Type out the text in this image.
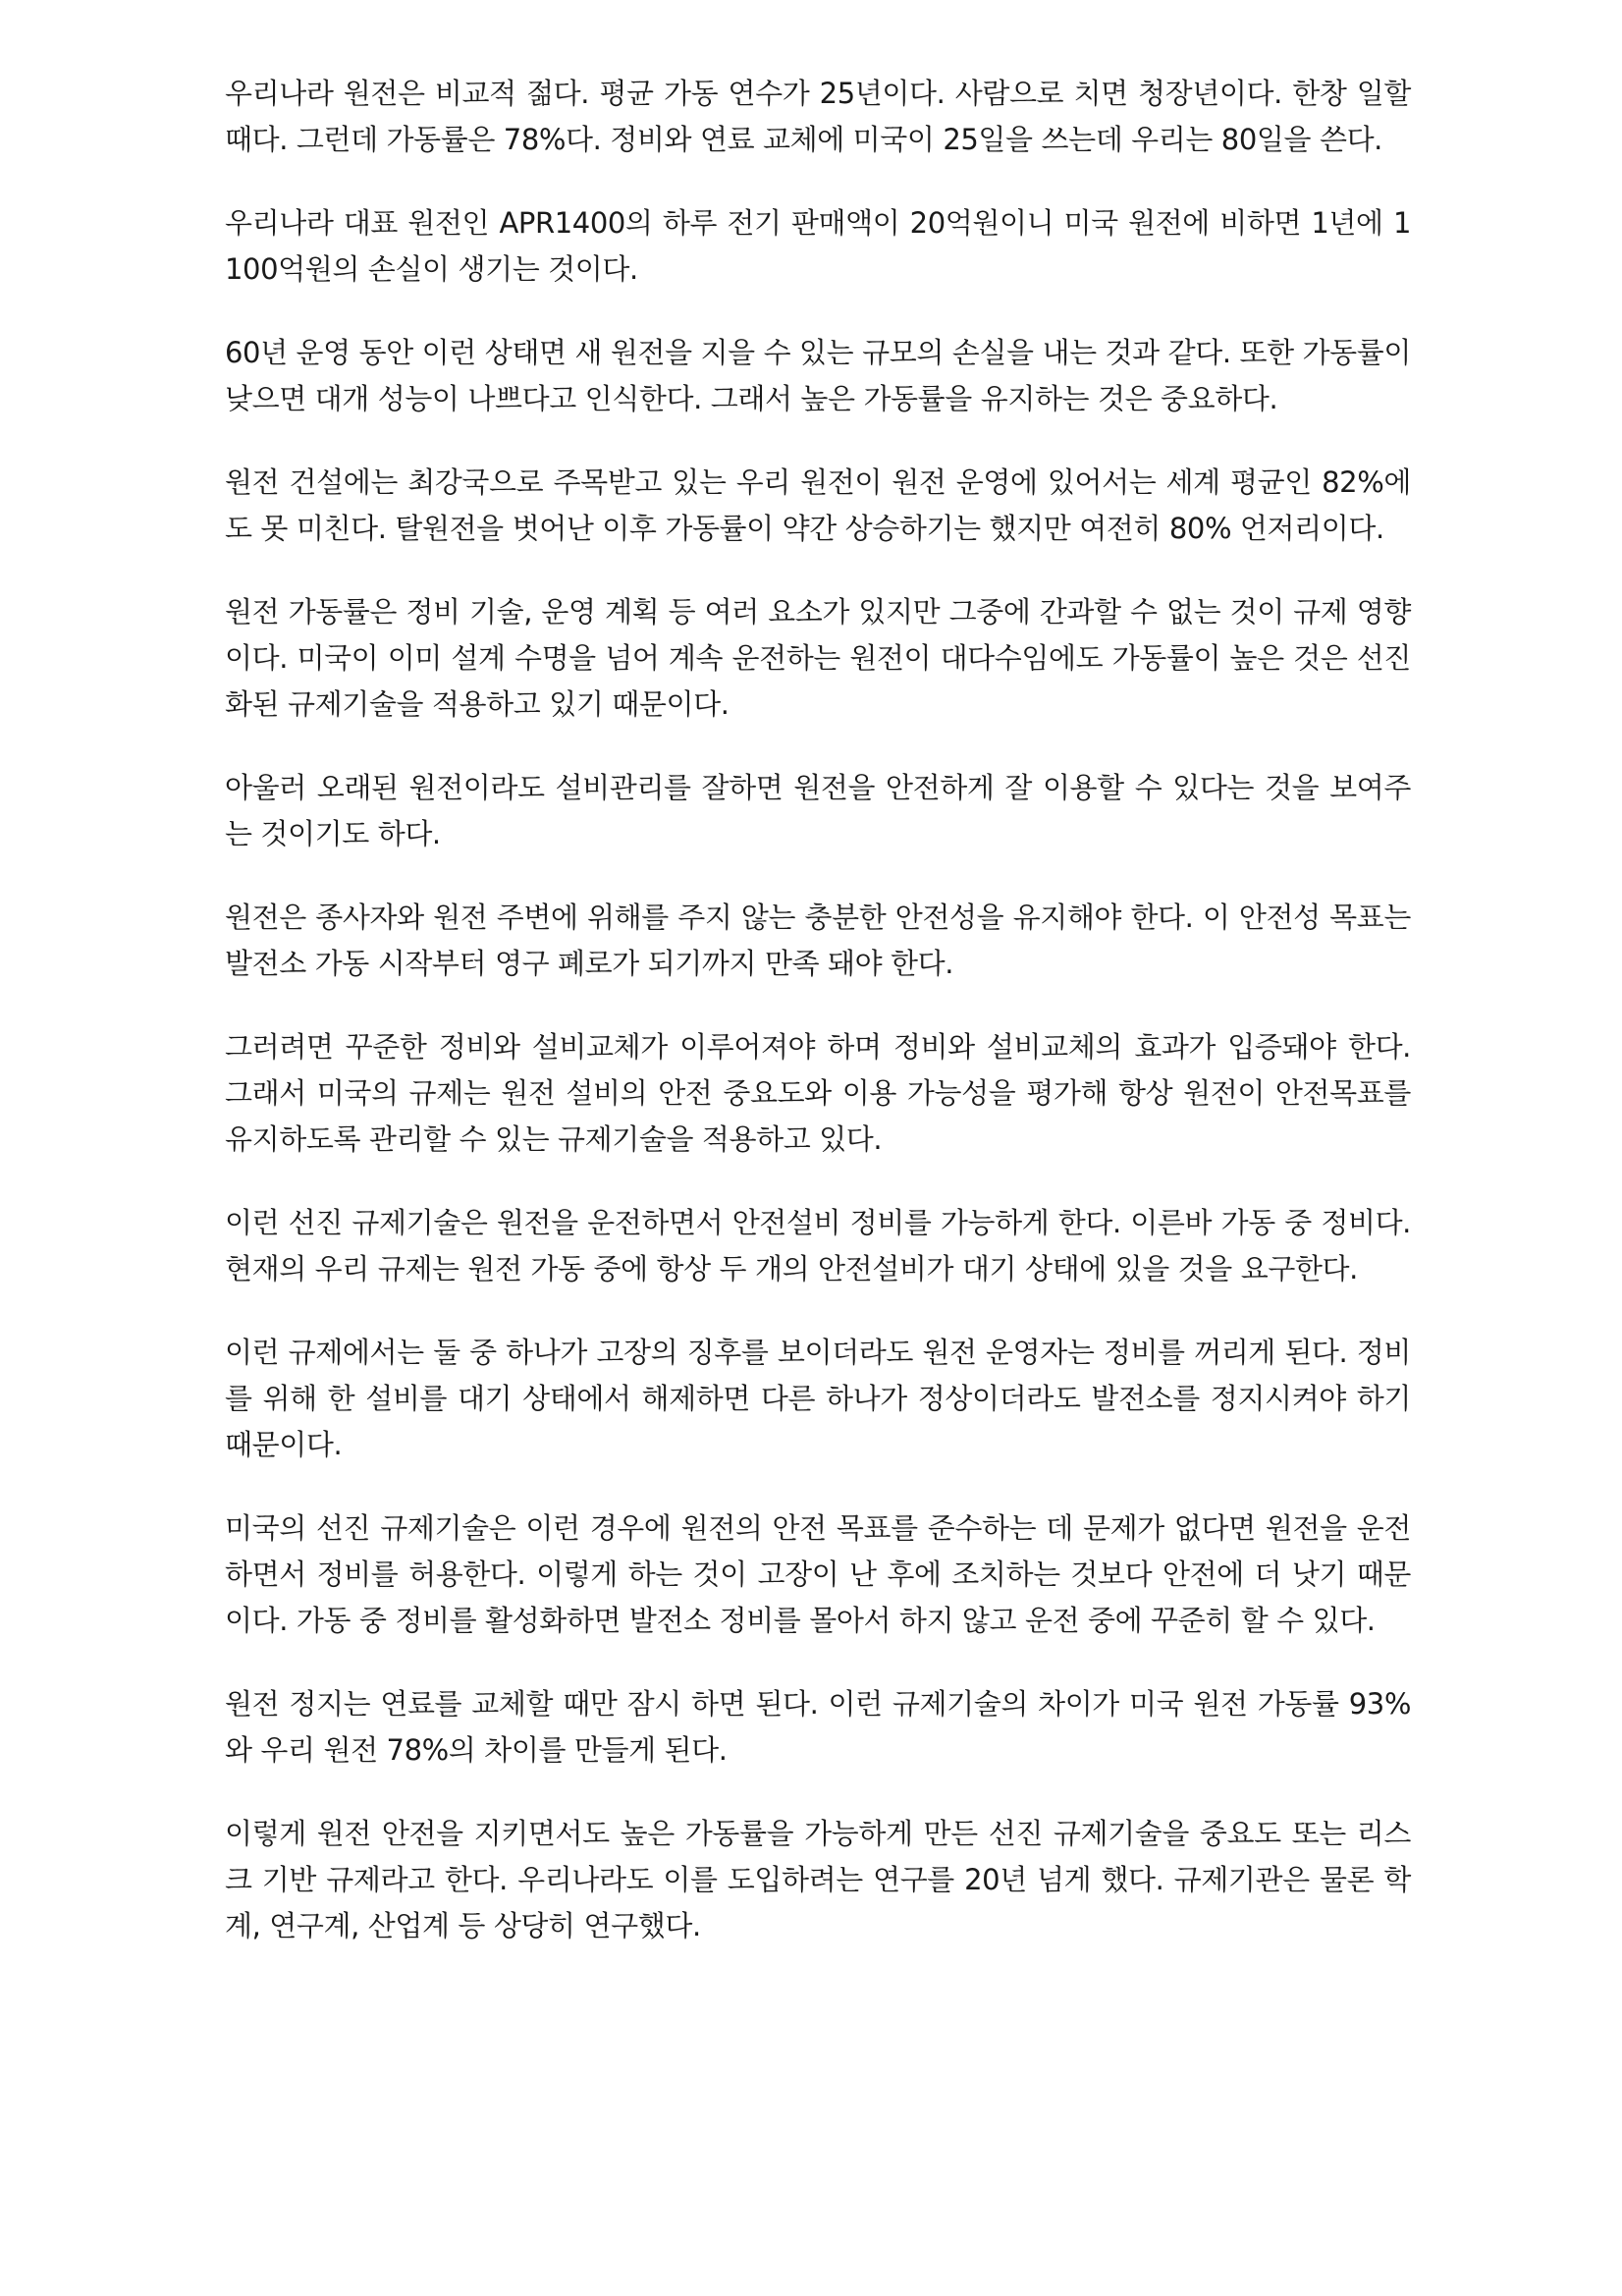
우리나라 원전은 비교적 젊다. 평균 가동 연수가 25년이다. 사람으로 치면 청장년이다. 한창 일할 때다. 그런데 가동률은 78%다. 정비와 연료 교체에 미국이 25일을 쓰는데 우리는 80일을 쓴다.

우리나라 대표 원전인 APR1400의 하루 전기 판매액이 20억원이니 미국 원전에 비하면 1년에 1100억원의 손실이 생기는 것이다.

60년 운영 동안 이런 상태면 새 원전을 지을 수 있는 규모의 손실을 내는 것과 같다. 또한 가동률이 낮으면 대개 성능이 나쁘다고 인식한다. 그래서 높은 가동률을 유지하는 것은 중요하다.

원전 건설에는 최강국으로 주목받고 있는 우리 원전이 원전 운영에 있어서는 세계 평균인 82%에도 못 미친다. 탈원전을 벗어난 이후 가동률이 약간 상승하기는 했지만 여전히 80% 언저리이다.

원전 가동률은 정비 기술, 운영 계획 등 여러 요소가 있지만 그중에 간과할 수 없는 것이 규제 영향이다. 미국이 이미 설계 수명을 넘어 계속 운전하는 원전이 대다수임에도 가동률이 높은 것은 선진화된 규제기술을 적용하고 있기 때문이다.

아울러 오래된 원전이라도 설비관리를 잘하면 원전을 안전하게 잘 이용할 수 있다는 것을 보여주는 것이기도 하다.

원전은 종사자와 원전 주변에 위해를 주지 않는 충분한 안전성을 유지해야 한다. 이 안전성 목표는 발전소 가동 시작부터 영구 폐로가 되기까지 만족 돼야 한다.

그러려면 꾸준한 정비와 설비교체가 이루어져야 하며 정비와 설비교체의 효과가 입증돼야 한다. 그래서 미국의 규제는 원전 설비의 안전 중요도와 이용 가능성을 평가해 항상 원전이 안전목표를 유지하도록 관리할 수 있는 규제기술을 적용하고 있다.

이런 선진 규제기술은 원전을 운전하면서 안전설비 정비를 가능하게 한다. 이른바 가동 중 정비다. 현재의 우리 규제는 원전 가동 중에 항상 두 개의 안전설비가 대기 상태에 있을 것을 요구한다.

이런 규제에서는 둘 중 하나가 고장의 징후를 보이더라도 원전 운영자는 정비를 꺼리게 된다. 정비를 위해 한 설비를 대기 상태에서 해제하면 다른 하나가 정상이더라도 발전소를 정지시켜야 하기 때문이다.

미국의 선진 규제기술은 이런 경우에 원전의 안전 목표를 준수하는 데 문제가 없다면 원전을 운전하면서 정비를 허용한다. 이렇게 하는 것이 고장이 난 후에 조치하는 것보다 안전에 더 낫기 때문이다. 가동 중 정비를 활성화하면 발전소 정비를 몰아서 하지 않고 운전 중에 꾸준히 할 수 있다.

원전 정지는 연료를 교체할 때만 잠시 하면 된다. 이런 규제기술의 차이가 미국 원전 가동률 93%와 우리 원전 78%의 차이를 만들게 된다.

이렇게 원전 안전을 지키면서도 높은 가동률을 가능하게 만든 선진 규제기술을 중요도 또는 리스크 기반 규제라고 한다. 우리나라도 이를 도입하려는 연구를 20년 넘게 했다. 규제기관은 물론 학계, 연구계, 산업계 등 상당히 연구했다.
